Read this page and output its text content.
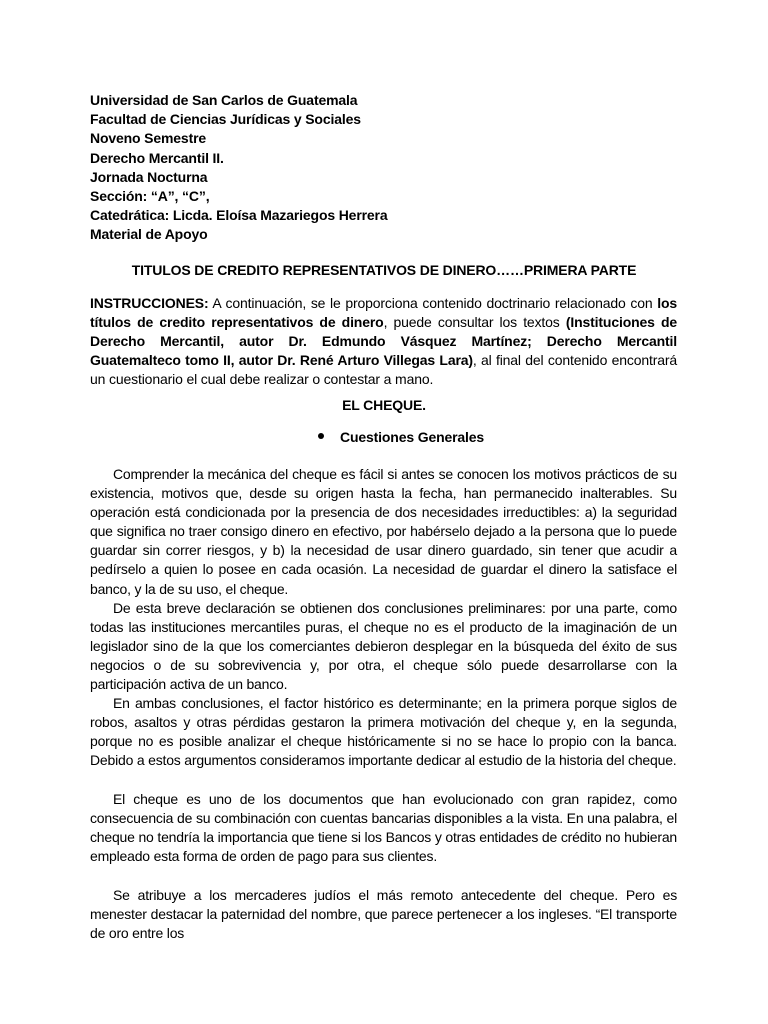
Universidad de San Carlos de Guatemala
Facultad de Ciencias Jurídicas y Sociales
Noveno Semestre
Derecho Mercantil II.
Jornada Nocturna
Sección: “A”, “C”,
Catedrática: Licda. Eloísa Mazariegos Herrera
Material de Apoyo
TITULOS DE CREDITO REPRESENTATIVOS DE DINERO……PRIMERA PARTE
INSTRUCCIONES: A continuación, se le proporciona contenido doctrinario relacionado con los títulos de credito representativos de dinero, puede consultar los textos (Instituciones de Derecho Mercantil, autor Dr. Edmundo Vásquez Martínez; Derecho Mercantil Guatemalteco tomo II, autor Dr. René Arturo Villegas Lara), al final del contenido encontrará un cuestionario el cual debe realizar o contestar a mano.
EL CHEQUE.
Cuestiones Generales
Comprender la mecánica del cheque es fácil si antes se conocen los motivos prácticos de su existencia, motivos que, desde su origen hasta la fecha, han permanecido inalterables. Su operación está condicionada por la presencia de dos necesidades irreductibles: a) la seguridad que significa no traer consigo dinero en efectivo, por habérselo dejado a la persona que lo puede guardar sin correr riesgos, y b) la necesidad de usar dinero guardado, sin tener que acudir a pedírselo a quien lo posee en cada ocasión. La necesidad de guardar el dinero la satisface el banco, y la de su uso, el cheque.
De esta breve declaración se obtienen dos conclusiones preliminares: por una parte, como todas las instituciones mercantiles puras, el cheque no es el producto de la imaginación de un legislador sino de la que los comerciantes debieron desplegar en la búsqueda del éxito de sus negocios o de su sobrevivencia y, por otra, el cheque sólo puede desarrollarse con la participación activa de un banco.
En ambas conclusiones, el factor histórico es determinante; en la primera porque siglos de robos, asaltos y otras pérdidas gestaron la primera motivación del cheque y, en la segunda, porque no es posible analizar el cheque históricamente si no se hace lo propio con la banca. Debido a estos argumentos consideramos importante dedicar al estudio de la historia del cheque.
El cheque es uno de los documentos que han evolucionado con gran rapidez, como consecuencia de su combinación con cuentas bancarias disponibles a la vista. En una palabra, el cheque no tendría la importancia que tiene si los Bancos y otras entidades de crédito no hubieran empleado esta forma de orden de pago para sus clientes.
Se atribuye a los mercaderes judíos el más remoto antecedente del cheque. Pero es menester destacar la paternidad del nombre, que parece pertenecer a los ingleses. “El transporte de oro entre los
